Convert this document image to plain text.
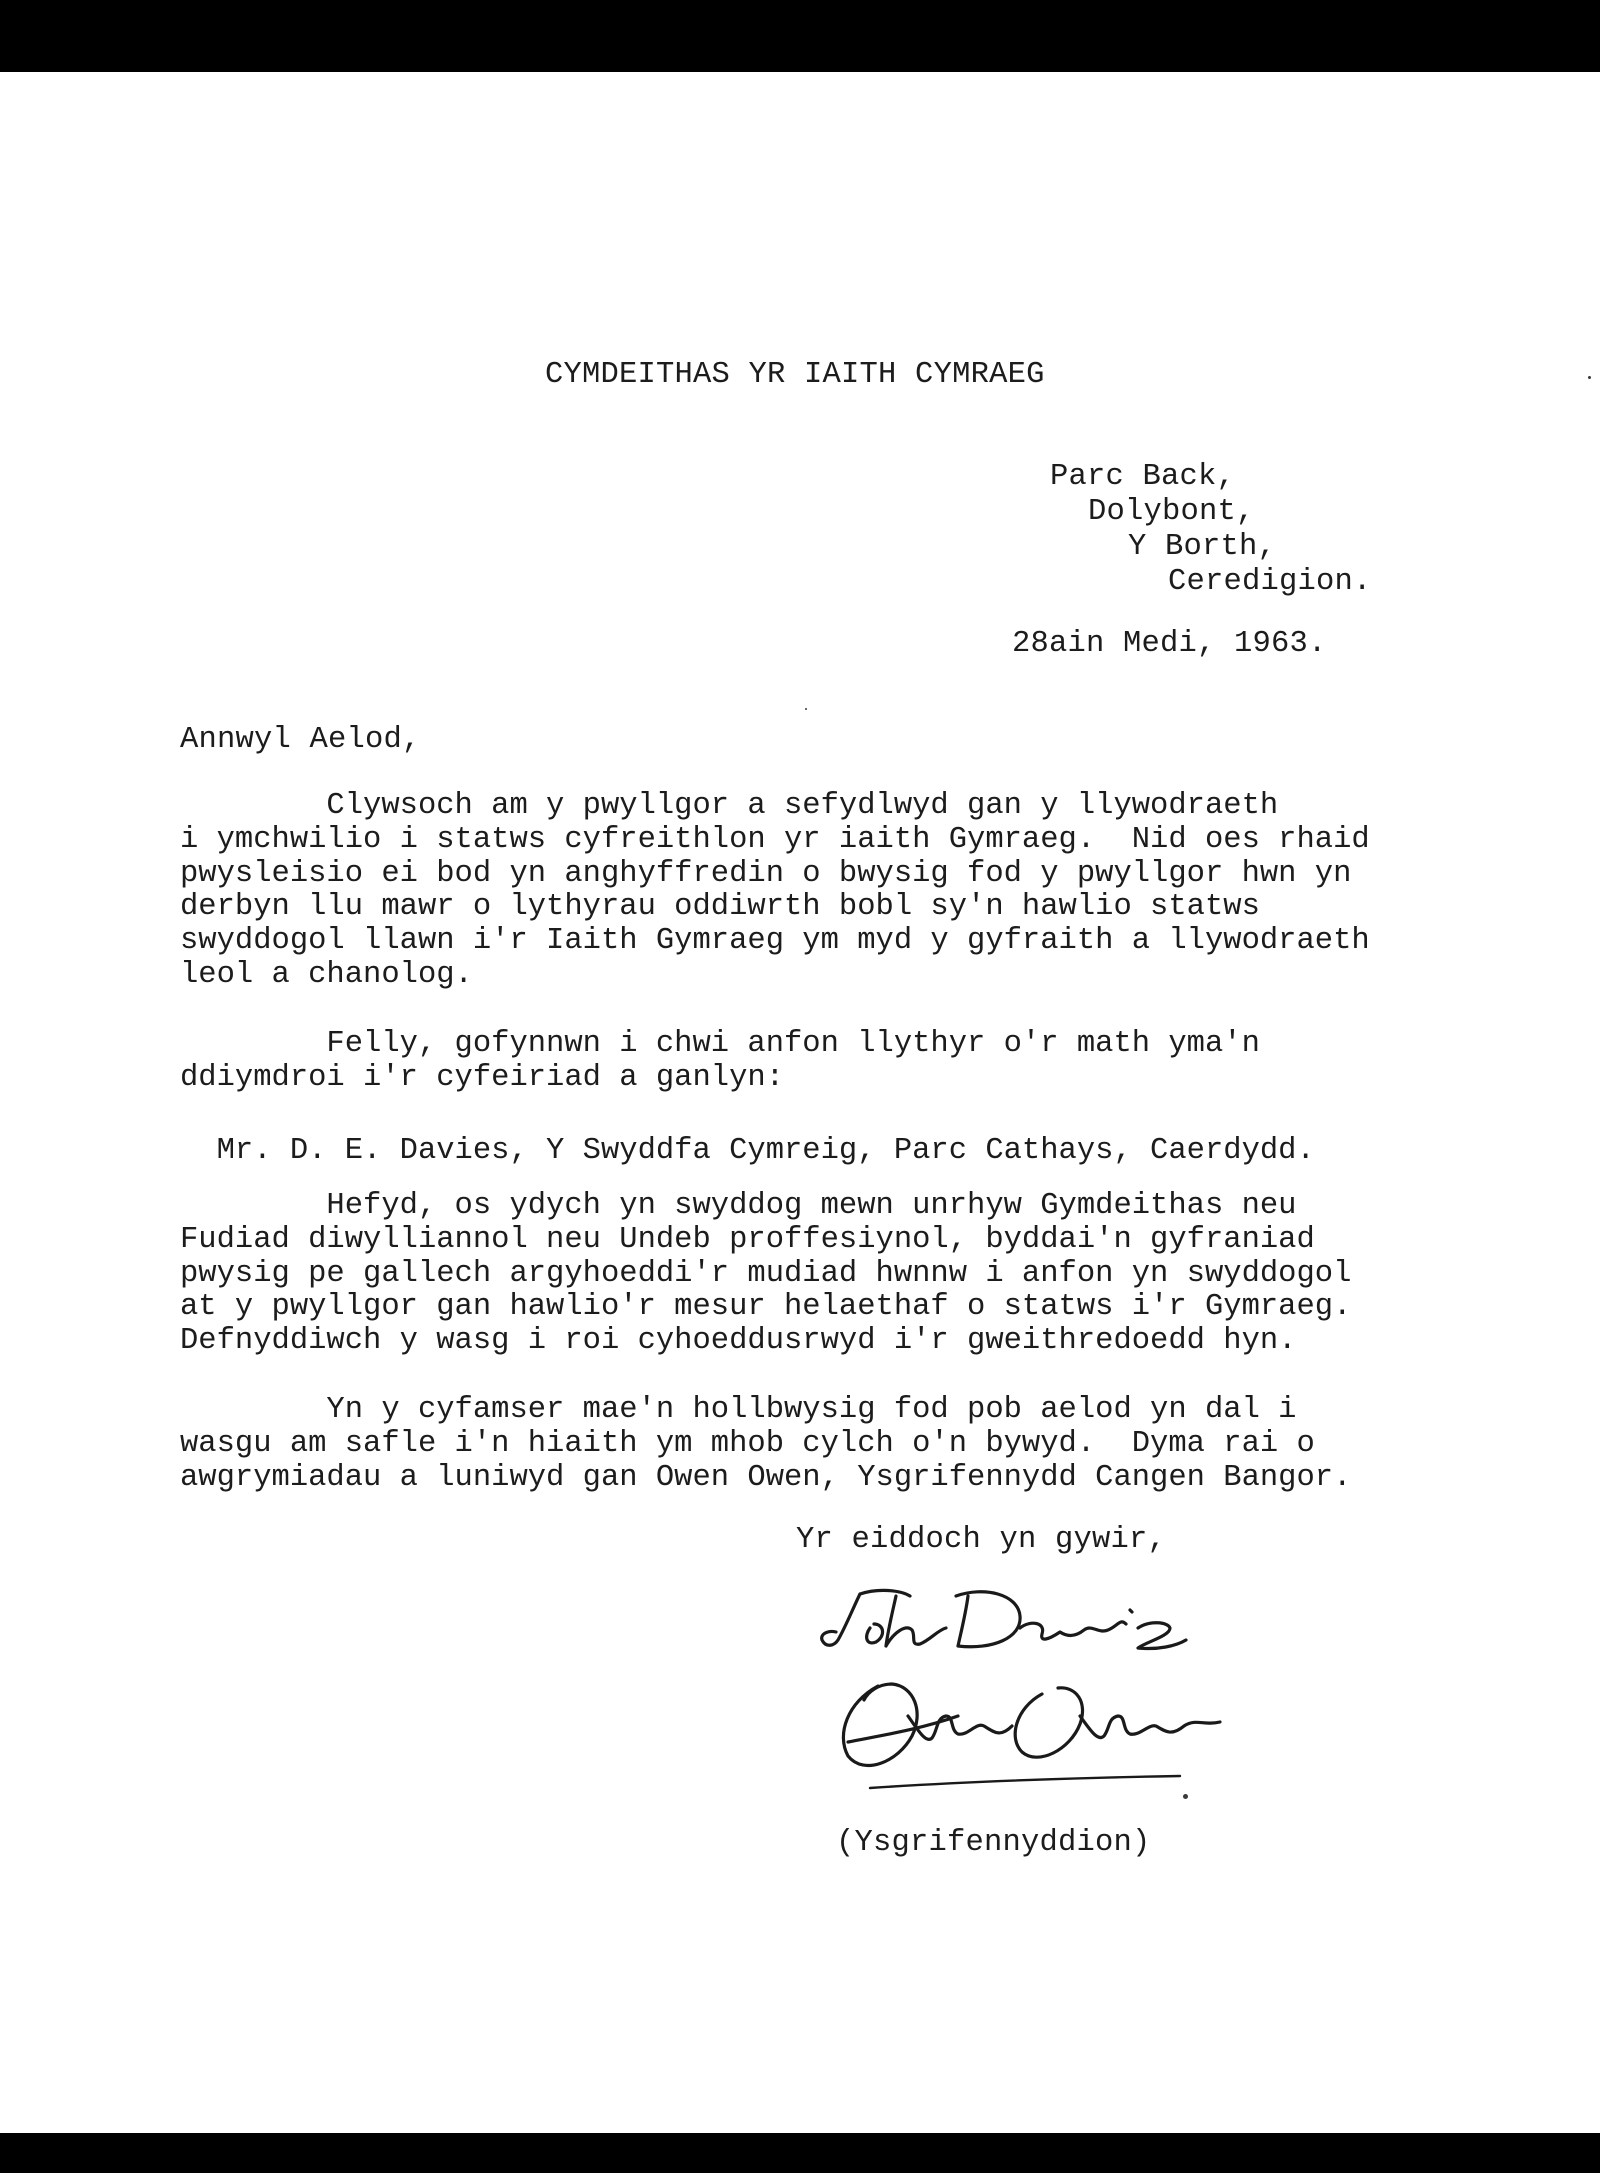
CYMDEITHAS YR IAITH CYMRAEG
Parc Back,
Dolybont,
Y Borth,
Ceredigion.
28ain Medi, 1963.
Annwyl Aelod,
Clywsoch am y pwyllgor a sefydlwyd gan y llywodraeth
i ymchwilio i statws cyfreithlon yr iaith Gymraeg.  Nid oes rhaid
pwysleisio ei bod yn anghyffredin o bwysig fod y pwyllgor hwn yn
derbyn llu mawr o lythyrau oddiwrth bobl sy'n hawlio statws
swyddogol llawn i'r Iaith Gymraeg ym myd y gyfraith a llywodraeth
leol a chanolog.
Felly, gofynnwn i chwi anfon llythyr o'r math yma'n
ddiymdroi i'r cyfeiriad a ganlyn:
Mr. D. E. Davies, Y Swyddfa Cymreig, Parc Cathays, Caerdydd.
Hefyd, os ydych yn swyddog mewn unrhyw Gymdeithas neu
Fudiad diwylliannol neu Undeb proffesiynol, byddai'n gyfraniad
pwysig pe gallech argyhoeddi'r mudiad hwnnw i anfon yn swyddogol
at y pwyllgor gan hawlio'r mesur helaethaf o statws i'r Gymraeg.
Defnyddiwch y wasg i roi cyhoeddusrwyd i'r gweithredoedd hyn.
Yn y cyfamser mae'n hollbwysig fod pob aelod yn dal i
wasgu am safle i'n hiaith ym mhob cylch o'n bywyd.  Dyma rai o
awgrymiadau a luniwyd gan Owen Owen, Ysgrifennydd Cangen Bangor.
Yr eiddoch yn gywir,
(Ysgrifennyddion)
